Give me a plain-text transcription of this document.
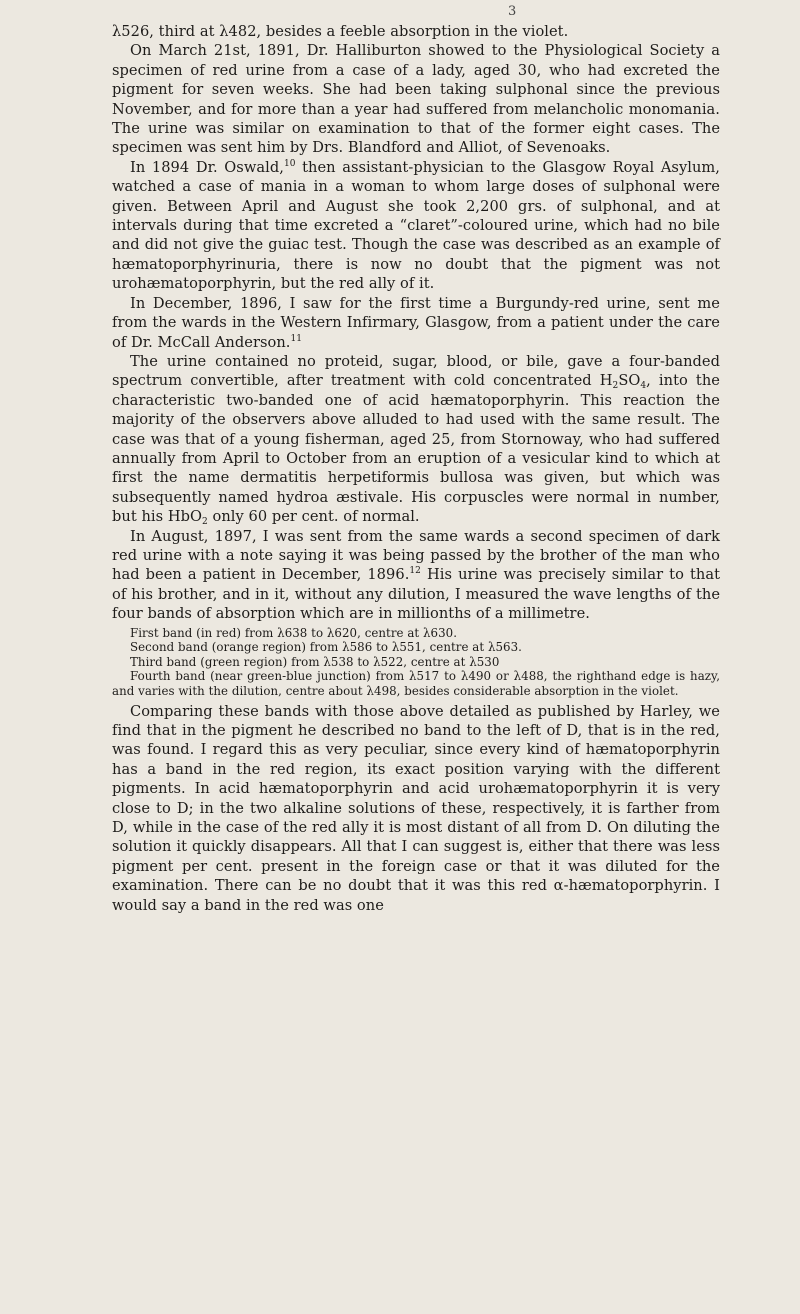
3

λ526, third at λ482, besides a feeble absorption in the violet.

On March 21st, 1891, Dr. Halliburton showed to the Physiological Society a specimen of red urine from a case of a lady, aged 30, who had excreted the pigment for seven weeks. She had been taking sulphonal since the previous November, and for more than a year had suffered from melancholic monomania. The urine was similar on examination to that of the former eight cases. The specimen was sent him by Drs. Blandford and Alliot, of Sevenoaks.

In 1894 Dr. Oswald,$^{10}$ then assistant-physician to the Glasgow Royal Asylum, watched a case of mania in a woman to whom large doses of sulphonal were given. Between April and August she took 2,200 grs. of sulphonal, and at intervals during that time excreted a “claret”-coloured urine, which had no bile and did not give the guiac test. Though the case was described as an example of hæmatoporphyrinuria, there is now no doubt that the pigment was not urohæmatoporphyrin, but the red ally of it.

In December, 1896, I saw for the first time a Burgundy-red urine, sent me from the wards in the Western Infirmary, Glasgow, from a patient under the care of Dr. McCall Anderson.$^{11}$

The urine contained no proteid, sugar, blood, or bile, gave a four-banded spectrum convertible, after treatment with cold concentrated $H_2SO_4$, into the characteristic two-banded one of acid hæmatoporphyrin. This reaction the majority of the observers above alluded to had used with the same result. The case was that of a young fisherman, aged 25, from Stornoway, who had suffered annually from April to October from an eruption of a vesicular kind to which at first the name dermatitis herpetiformis bullosa was given, but which was subsequently named hydroa æstivale. His corpuscles were normal in number, but his HbO$_2$ only 60 per cent. of normal.

In August, 1897, I was sent from the same wards a second specimen of dark red urine with a note saying it was being passed by the brother of the man who had been a patient in December, 1896.12 His urine was precisely similar to that of his brother, and in it, without any dilution, I measured the wave lengths of the four bands of absorption which are in millionths of a millimetre.

First band (in red) from λ638 to λ620, centre at λ630.
Second band (orange region) from λ586 to λ551, centre at λ563.
Third band (green region) from λ538 to λ522, centre at λ530
Fourth band (near green-blue junction) from λ517 to λ490 or λ488, the righthand edge is hazy, and varies with the dilution, centre about λ498, besides considerable absorption in the violet.

Comparing these bands with those above detailed as published by Harley, we find that in the pigment he described no band to the left of D, that is in the red, was found. I regard this as very peculiar, since every kind of hæmatoporphyrin has a band in the red region, its exact position varying with the different pigments. In acid hæmatoporphyrin and acid urohæmatoporphyrin it is very close to D; in the two alkaline solutions of these, respectively, it is farther from D, while in the case of the red ally it is most distant of all from D. On diluting the solution it quickly disappears. All that I can suggest is, either that there was less pigment per cent. present in the foreign case or that it was diluted for the examination. There can be no doubt that it was this red α-hæmatoporphyrin. I would say a band in the red was one
